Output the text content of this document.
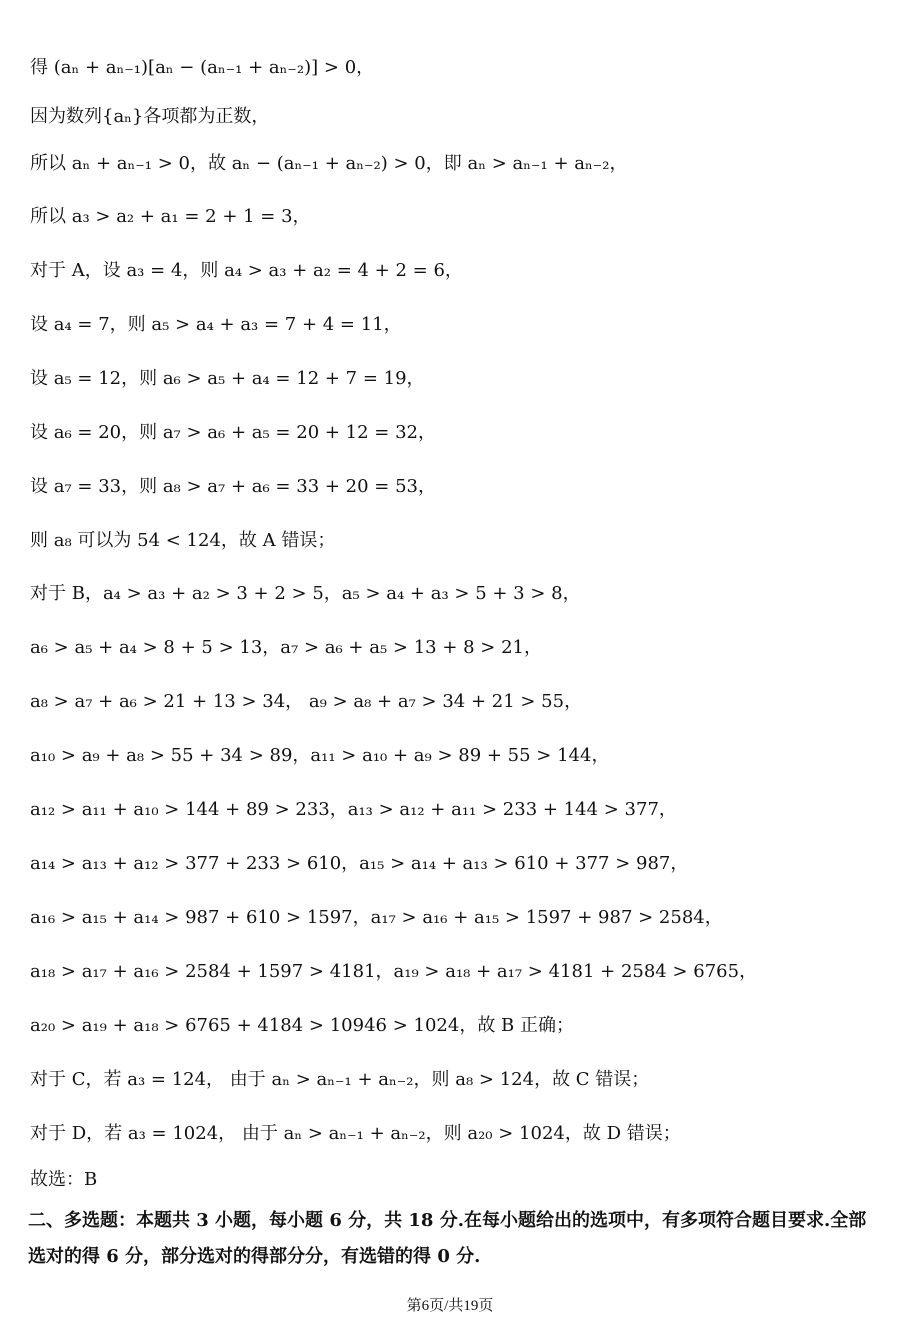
得 (aₙ + aₙ₋₁)[aₙ − (aₙ₋₁ + aₙ₋₂)] > 0，
因为数列{aₙ}各项都为正数，
所以 aₙ + aₙ₋₁ > 0，故 aₙ − (aₙ₋₁ + aₙ₋₂) > 0，即 aₙ > aₙ₋₁ + aₙ₋₂，
所以 a₃ > a₂ + a₁ = 2 + 1 = 3，
对于 A，设 a₃ = 4，则 a₄ > a₃ + a₂ = 4 + 2 = 6，
设 a₄ = 7，则 a₅ > a₄ + a₃ = 7 + 4 = 11，
设 a₅ = 12，则 a₆ > a₅ + a₄ = 12 + 7 = 19，
设 a₆ = 20，则 a₇ > a₆ + a₅ = 20 + 12 = 32，
设 a₇ = 33，则 a₈ > a₇ + a₆ = 33 + 20 = 53，
则 a₈ 可以为 54 < 124，故 A 错误；
对于 B，a₄ > a₃ + a₂ > 3 + 2 > 5，a₅ > a₄ + a₃ > 5 + 3 > 8，
a₆ > a₅ + a₄ > 8 + 5 > 13，a₇ > a₆ + a₅ > 13 + 8 > 21，
a₈ > a₇ + a₆ > 21 + 13 > 34， a₉ > a₈ + a₇ > 34 + 21 > 55，
a₁₀ > a₉ + a₈ > 55 + 34 > 89，a₁₁ > a₁₀ + a₉ > 89 + 55 > 144，
a₁₂ > a₁₁ + a₁₀ > 144 + 89 > 233，a₁₃ > a₁₂ + a₁₁ > 233 + 144 > 377，
a₁₄ > a₁₃ + a₁₂ > 377 + 233 > 610，a₁₅ > a₁₄ + a₁₃ > 610 + 377 > 987，
a₁₆ > a₁₅ + a₁₄ > 987 + 610 > 1597，a₁₇ > a₁₆ + a₁₅ > 1597 + 987 > 2584，
a₁₈ > a₁₇ + a₁₆ > 2584 + 1597 > 4181，a₁₉ > a₁₈ + a₁₇ > 4181 + 2584 > 6765，
a₂₀ > a₁₉ + a₁₈ > 6765 + 4184 > 10946 > 1024，故 B 正确；
对于 C，若 a₃ = 124， 由于 aₙ > aₙ₋₁ + aₙ₋₂，则 a₈ > 124，故 C 错误；
对于 D，若 a₃ = 1024， 由于 aₙ > aₙ₋₁ + aₙ₋₂，则 a₂₀ > 1024，故 D 错误；
故选：B
二、多选题：本题共 3 小题，每小题 6 分，共 18 分.在每小题给出的选项中，有多项符合题目要求.全部选对的得 6 分，部分选对的得部分分，有选错的得 0 分.
第6页/共19页
